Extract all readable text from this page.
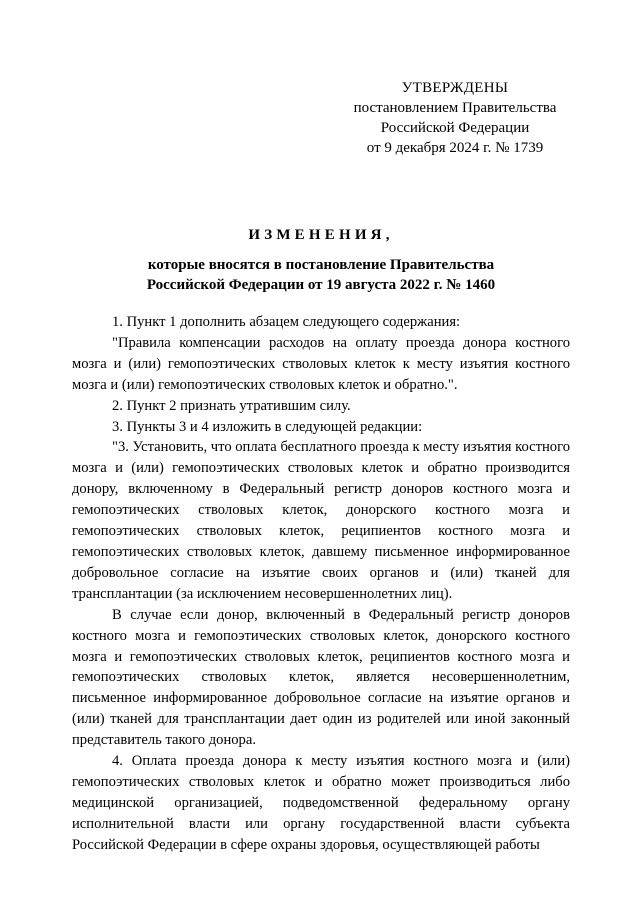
УТВЕРЖДЕНЫ
постановлением Правительства
Российской Федерации
от 9 декабря 2024 г. № 1739
ИЗМЕНЕНИЯ,
которые вносятся в постановление Правительства
Российской Федерации от 19 августа 2022 г. № 1460

1. Пункт 1 дополнить абзацем следующего содержания:

"Правила компенсации расходов на оплату проезда донора костного мозга и (или) гемопоэтических стволовых клеток к месту изъятия костного мозга и (или) гемопоэтических стволовых клеток и обратно.".

2. Пункт 2 признать утратившим силу.

3. Пункты 3 и 4 изложить в следующей редакции:

"3. Установить, что оплата бесплатного проезда к месту изъятия костного мозга и (или) гемопоэтических стволовых клеток и обратно производится донору, включенному в Федеральный регистр доноров костного мозга и гемопоэтических стволовых клеток, донорского костного мозга и гемопоэтических стволовых клеток, реципиентов костного мозга и гемопоэтических стволовых клеток, давшему письменное информированное добровольное согласие на изъятие своих органов и (или) тканей для трансплантации (за исключением несовершеннолетних лиц).

В случае если донор, включенный в Федеральный регистр доноров костного мозга и гемопоэтических стволовых клеток, донорского костного мозга и гемопоэтических стволовых клеток, реципиентов костного мозга и гемопоэтических стволовых клеток, является несовершеннолетним, письменное информированное добровольное согласие на изъятие органов и (или) тканей для трансплантации дает один из родителей или иной законный представитель такого донора.

4. Оплата проезда донора к месту изъятия костного мозга и (или) гемопоэтических стволовых клеток и обратно может производиться либо медицинской организацией, подведомственной федеральному органу исполнительной власти или органу государственной власти субъекта Российской Федерации в сфере охраны здоровья, осуществляющей работы
